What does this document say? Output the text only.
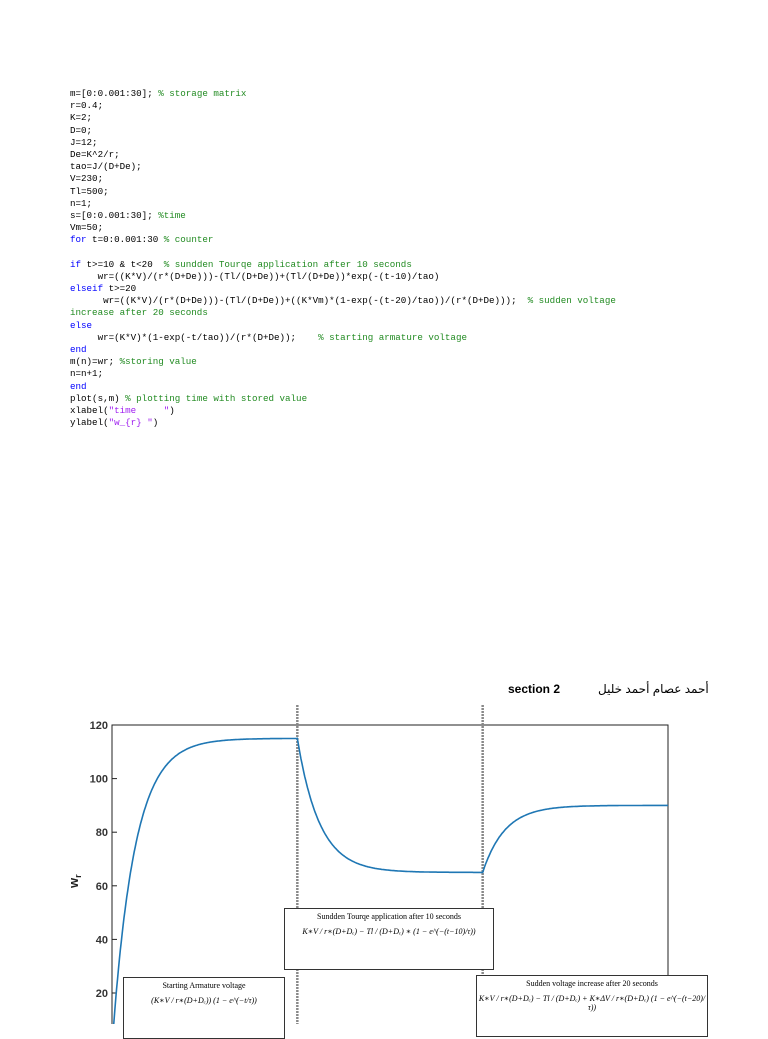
m=[0:0.001:30]; % storage matrix
r=0.4;
K=2;
D=0;
J=12;
De=K^2/r;
tao=J/(D+De);
V=230;
Tl=500;
n=1;
s=[0:0.001:30]; %time
Vm=50;
for t=0:0.001:30 % counter
if t>=10 & t<20  % sundden Tourqe application after 10 seconds
wr=((K*V)/(r*(D+De)))-(Tl/(D+De))+(Tl/(D+De))*exp(-(t-10)/tao)
elseif t>=20
wr=((K*V)/(r*(D+De)))-(Tl/(D+De))+((K*Vm)*(1-exp(-(t-20)/tao))/(r*(D+De)));  % sudden voltage
increase after 20 seconds
else
wr=(K*V)*(1-exp(-t/tao))/(r*(D+De));    % starting armature voltage
end
m(n)=wr; %storing value
n=n+1;
end
plot(s,m) % plotting time with stored value
xlabel("time     ")
ylabel("w_{r} ")
section 2	أحمد عصام أحمد خليل
120
100
80
60
40
20
$w_r$
Sundden Tourqe application after 10 seconds
K∗V / r∗(D+Dₑ) − Tl / (D+Dₑ) ∗ (1 − e^(−(t−10)/τ))
Starting Armature voltage
(K∗V / r∗(D+Dₑ)) (1 − e^(−t/τ))
Sudden voltage increase after 20 seconds
K∗V / r∗(D+Dₑ) − Tl / (D+Dₑ) + K∗ΔV / r∗(D+Dₑ) (1 − e^(−(t−20)/τ))
